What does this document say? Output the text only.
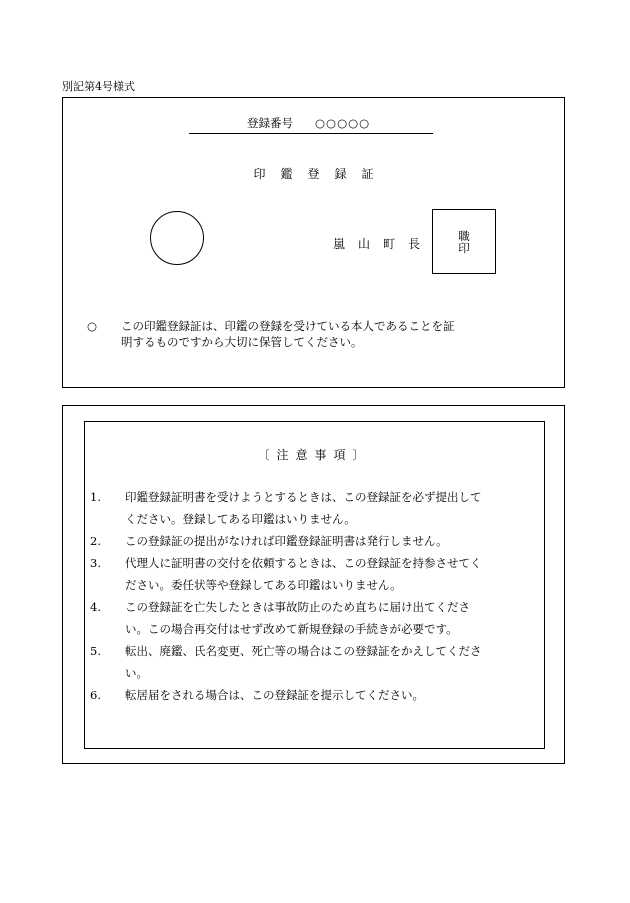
別記第4号様式
登録番号 ○○○○○
印鑑登録証
嵐山町長
職印
○ この印鑑登録証は、印鑑の登録を受けている本人であることを証明するものですから大切に保管してください。
〔注意事項〕
1. 印鑑登録証明書を受けようとするときは、この登録証を必ず提出してください。登録してある印鑑はいりません。
2. この登録証の提出がなければ印鑑登録証明書は発行しません。
3. 代理人に証明書の交付を依頼するときは、この登録証を持参させてください。委任状等や登録してある印鑑はいりません。
4. この登録証を亡失したときは事故防止のため直ちに届け出てください。この場合再交付はせず改めて新規登録の手続きが必要です。
5. 転出、廃鑑、氏名変更、死亡等の場合はこの登録証をかえしてください。
6. 転居届をされる場合は、この登録証を提示してください。
